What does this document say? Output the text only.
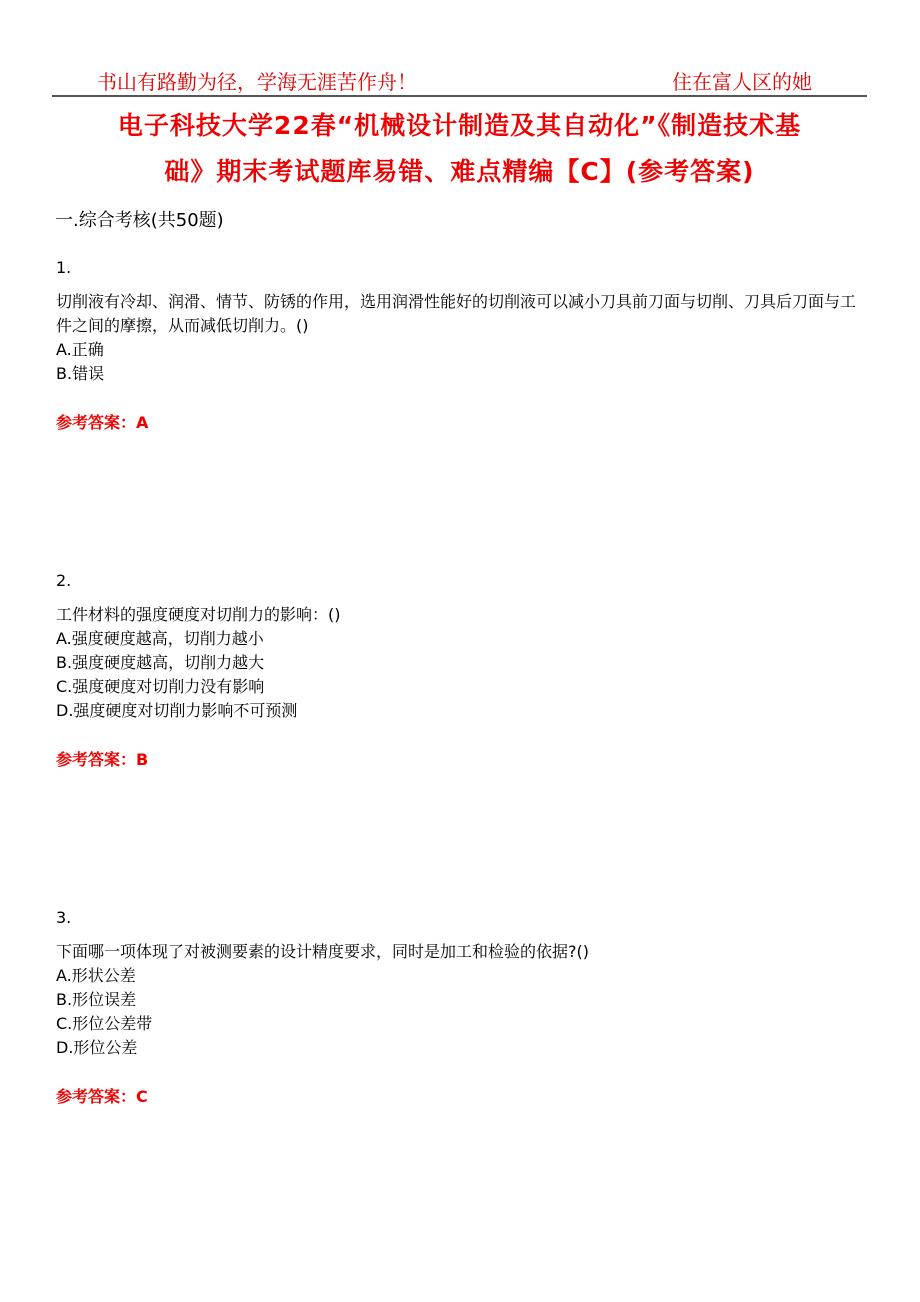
书山有路勤为径，学海无涯苦作舟！	住在富人区的她
电子科技大学22春“机械设计制造及其自动化”《制造技术基
础》期末考试题库易错、难点精编【C】(参考答案)
一.综合考核(共50题)
1.
切削液有冷却、润滑、情节、防锈的作用，选用润滑性能好的切削液可以减小刀具前刀面与切削、刀具后刀面与工件之间的摩擦，从而减低切削力。()
A.正确
B.错误
参考答案：A
2.
工件材料的强度硬度对切削力的影响：()
A.强度硬度越高，切削力越小
B.强度硬度越高，切削力越大
C.强度硬度对切削力没有影响
D.强度硬度对切削力影响不可预测
参考答案：B
3.
下面哪一项体现了对被测要素的设计精度要求，同时是加工和检验的依据?()
A.形状公差
B.形位误差
C.形位公差带
D.形位公差
参考答案：C
